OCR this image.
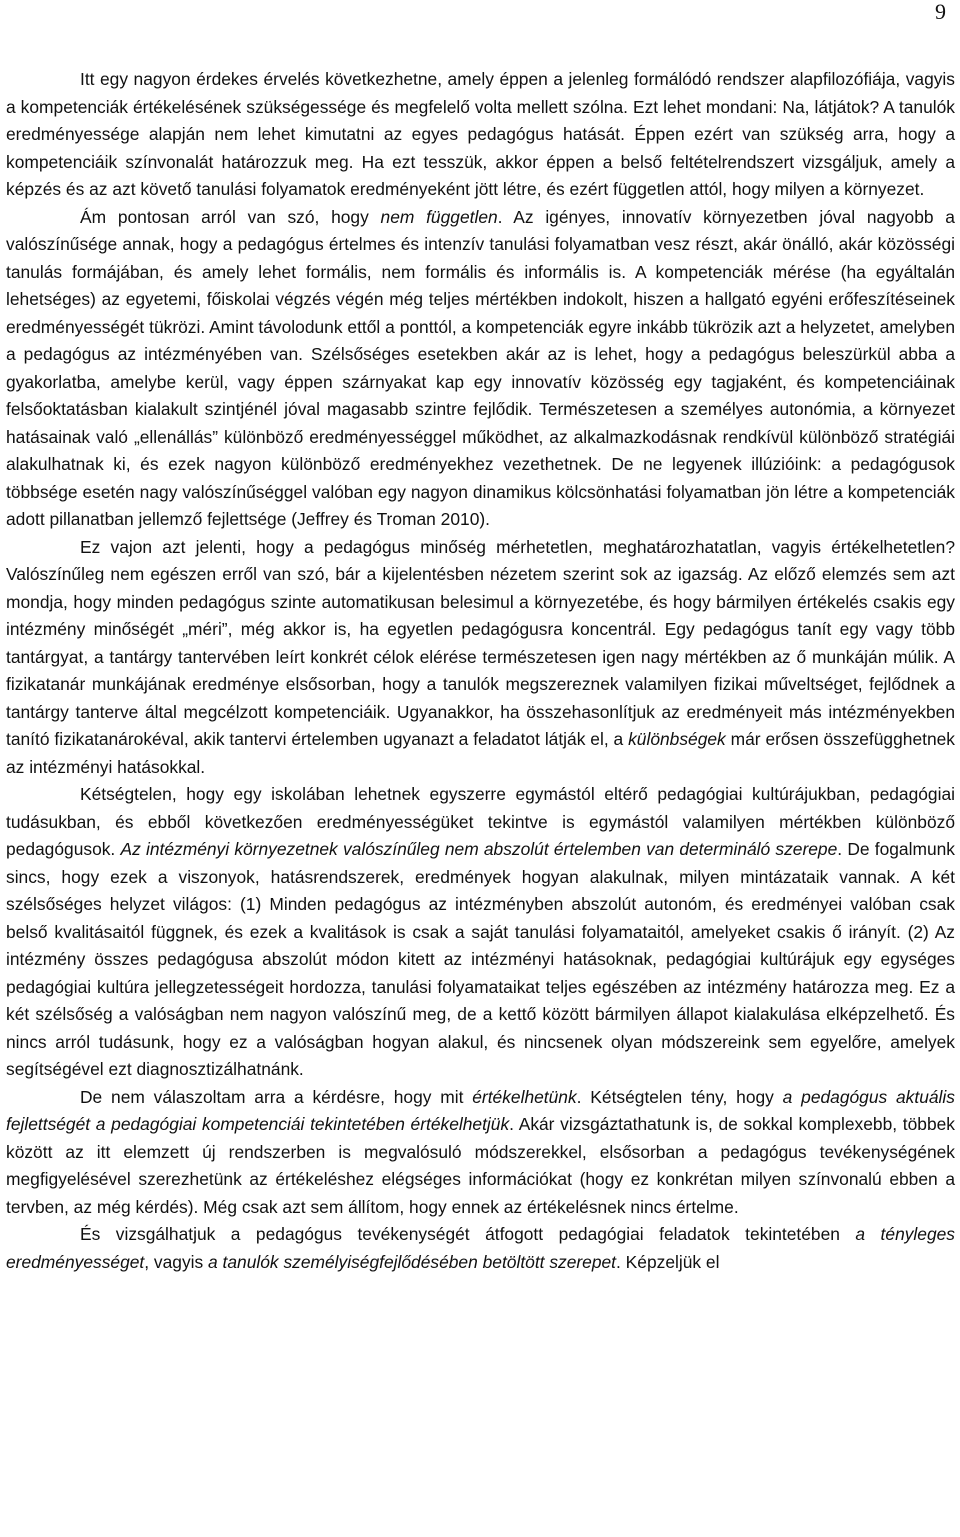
9

Itt egy nagyon érdekes érvelés következhetne, amely éppen a jelenleg formálódó rendszer alapfilozófiája, vagyis a kompetenciák értékelésének szükségessége és megfelelő volta mellett szólna. Ezt lehet mondani: Na, látjátok? A tanulók eredményessége alapján nem lehet kimutatni az egyes pedagógus hatását. Éppen ezért van szükség arra, hogy a kompetenciáik színvonalát határozzuk meg. Ha ezt tesszük, akkor éppen a belső feltételrendszert vizsgáljuk, amely a képzés és az azt követő tanulási folyamatok eredményeként jött létre, és ezért független attól, hogy milyen a környezet.

Ám pontosan arról van szó, hogy nem független. Az igényes, innovatív környezetben jóval nagyobb a valószínűsége annak, hogy a pedagógus értelmes és intenzív tanulási folyamatban vesz részt, akár önálló, akár közösségi tanulás formájában, és amely lehet formális, nem formális és informális is. A kompetenciák mérése (ha egyáltalán lehetséges) az egyetemi, főiskolai végzés végén még teljes mértékben indokolt, hiszen a hallgató egyéni erőfeszítéseinek eredményességét tükrözi. Amint távolodunk ettől a ponttól, a kompetenciák egyre inkább tükrözik azt a helyzetet, amelyben a pedagógus az intézményében van. Szélsőséges esetekben akár az is lehet, hogy a pedagógus beleszürkül abba a gyakorlatba, amelybe kerül, vagy éppen szárnyakat kap egy innovatív közösség egy tagjaként, és kompetenciáinak felsőoktatásban kialakult szintjénél jóval magasabb szintre fejlődik. Természetesen a személyes autonómia, a környezet hatásainak való „ellenállás” különböző eredményességgel működhet, az alkalmazkodásnak rendkívül különböző stratégiái alakulhatnak ki, és ezek nagyon különböző eredményekhez vezethetnek. De ne legyenek illúzióink: a pedagógusok többsége esetén nagy valószínűséggel valóban egy nagyon dinamikus kölcsönhatási folyamatban jön létre a kompetenciák adott pillanatban jellemző fejlettsége (Jeffrey és Troman 2010).

Ez vajon azt jelenti, hogy a pedagógus minőség mérhetetlen, meghatározhatatlan, vagyis értékelhetetlen? Valószínűleg nem egészen erről van szó, bár a kijelentésben nézetem szerint sok az igazság. Az előző elemzés sem azt mondja, hogy minden pedagógus szinte automatikusan belesimul a környezetébe, és hogy bármilyen értékelés csakis egy intézmény minőségét „méri”, még akkor is, ha egyetlen pedagógusra koncentrál. Egy pedagógus tanít egy vagy több tantárgyat, a tantárgy tantervében leírt konkrét célok elérése természetesen igen nagy mértékben az ő munkáján múlik. A fizikatanár munkájának eredménye elsősorban, hogy a tanulók megszereznek valamilyen fizikai műveltséget, fejlődnek a tantárgy tanterve által megcélzott kompetenciáik. Ugyanakkor, ha összehasonlítjuk az eredményeit más intézményekben tanító fizikatanárokéval, akik tantervi értelemben ugyanazt a feladatot látják el, a különbségek már erősen összefügghetnek az intézményi hatásokkal.

Kétségtelen, hogy egy iskolában lehetnek egyszerre egymástól eltérő pedagógiai kultúrájukban, pedagógiai tudásukban, és ebből következően eredményességüket tekintve is egymástól valamilyen mértékben különböző pedagógusok. Az intézményi környezetnek valószínűleg nem abszolút értelemben van determináló szerepe. De fogalmunk sincs, hogy ezek a viszonyok, hatásrendszerek, eredmények hogyan alakulnak, milyen mintázataik vannak. A két szélsőséges helyzet világos: (1) Minden pedagógus az intézményben abszolút autonóm, és eredményei valóban csak belső kvalitásaitól függnek, és ezek a kvalitások is csak a saját tanulási folyamataitól, amelyeket csakis ő irányít. (2) Az intézmény összes pedagógusa abszolút módon kitett az intézményi hatásoknak, pedagógiai kultúrájuk egy egységes pedagógiai kultúra jellegzetességeit hordozza, tanulási folyamataikat teljes egészében az intézmény határozza meg. Ez a két szélsőség a valóságban nem nagyon valószínű meg, de a kettő között bármilyen állapot kialakulása elképzelhető. És nincs arról tudásunk, hogy ez a valóságban hogyan alakul, és nincsenek olyan módszereink sem egyelőre, amelyek segítségével ezt diagnosztizálhatnánk.

De nem válaszoltam arra a kérdésre, hogy mit értékelhetünk. Kétségtelen tény, hogy a pedagógus aktuális fejlettségét a pedagógiai kompetenciái tekintetében értékelhetjük. Akár vizsgáztathatunk is, de sokkal komplexebb, többek között az itt elemzett új rendszerben is megvalósuló módszerekkel, elsősorban a pedagógus tevékenységének megfigyelésével szerezhetünk az értékeléshez elégséges információkat (hogy ez konkrétan milyen színvonalú ebben a tervben, az még kérdés). Még csak azt sem állítom, hogy ennek az értékelésnek nincs értelme.

És vizsgálhatjuk a pedagógus tevékenységét átfogott pedagógiai feladatok tekintetében a tényleges eredményességet, vagyis a tanulók személyiségfejlődésében betöltött szerepet. Képzeljük el
